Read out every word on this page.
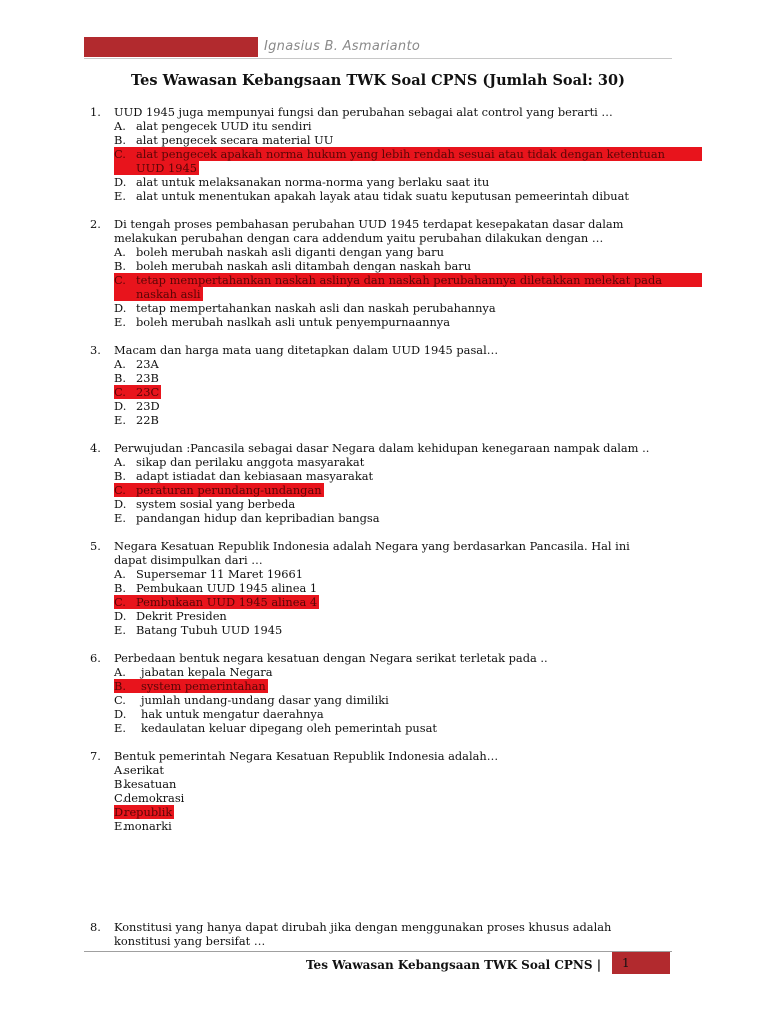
Ignasius B. Asmarianto
Tes Wawasan Kebangsaan TWK Soal CPNS (Jumlah Soal: 30)
1.	UUD 1945 juga mempunyai fungsi dan perubahan sebagai alat control yang berarti …
A. alat pengecek UUD itu sendiri
B. alat pengecek secara material UU
C. alat pengecek apakah norma hukum yang lebih rendah sesuai atau tidak dengan ketentuan
UUD 1945
D. alat untuk melaksanakan norma-norma yang berlaku saat itu
E. alat untuk menentukan apakah layak atau tidak suatu keputusan pemeerintah dibuat
2.	Di tengah proses pembahasan perubahan UUD 1945 terdapat kesepakatan dasar dalam
melakukan perubahan dengan cara addendum yaitu perubahan dilakukan dengan …
A. boleh merubah naskah asli diganti dengan yang baru
B. boleh merubah naskah asli ditambah dengan naskah baru
C. tetap mempertahankan naskah aslinya dan naskah perubahannya diletakkan melekat pada
naskah asli
D. tetap mempertahankan naskah asli dan naskah perubahannya
E. boleh merubah naslkah asli untuk penyempurnaannya
3.	Macam dan harga mata uang ditetapkan dalam UUD 1945 pasal…
A. 23A
B. 23B
C. 23C
D. 23D
E. 22B
4.	Perwujudan :Pancasila sebagai dasar Negara dalam kehidupan kenegaraan nampak dalam ..
A. sikap dan perilaku anggota masyarakat
B. adapt istiadat dan kebiasaan masyarakat
C. peraturan perundang-undangan
D. system sosial yang berbeda
E. pandangan hidup dan kepribadian bangsa
5.	Negara Kesatuan Republik Indonesia adalah Negara yang berdasarkan Pancasila. Hal ini
dapat disimpulkan dari …
A. Supersemar 11 Maret 19661
B. Pembukaan UUD 1945 alinea 1
C. Pembukaan UUD 1945 alinea 4
D. Dekrit Presiden
E. Batang Tubuh UUD 1945
6.	Perbedaan bentuk negara kesatuan dengan Negara serikat terletak pada ..
A.	jabatan kepala Negara
B.	system pemerintahan
C.	jumlah undang-undang dasar yang dimiliki
D.	hak untuk mengatur daerahnya
E.	kedaulatan keluar dipegang oleh pemerintah pusat
7.	Bentuk pemerintah Negara Kesatuan Republik Indonesia adalah…
A.
serikat
B.
kesatuan
C.
demokrasi
D.
republik
E.
monarki
8.	Konstitusi yang hanya dapat dirubah jika dengan menggunakan proses khusus adalah
konstitusi yang bersifat …
Tes Wawasan Kebangsaan TWK Soal CPNS | 1
